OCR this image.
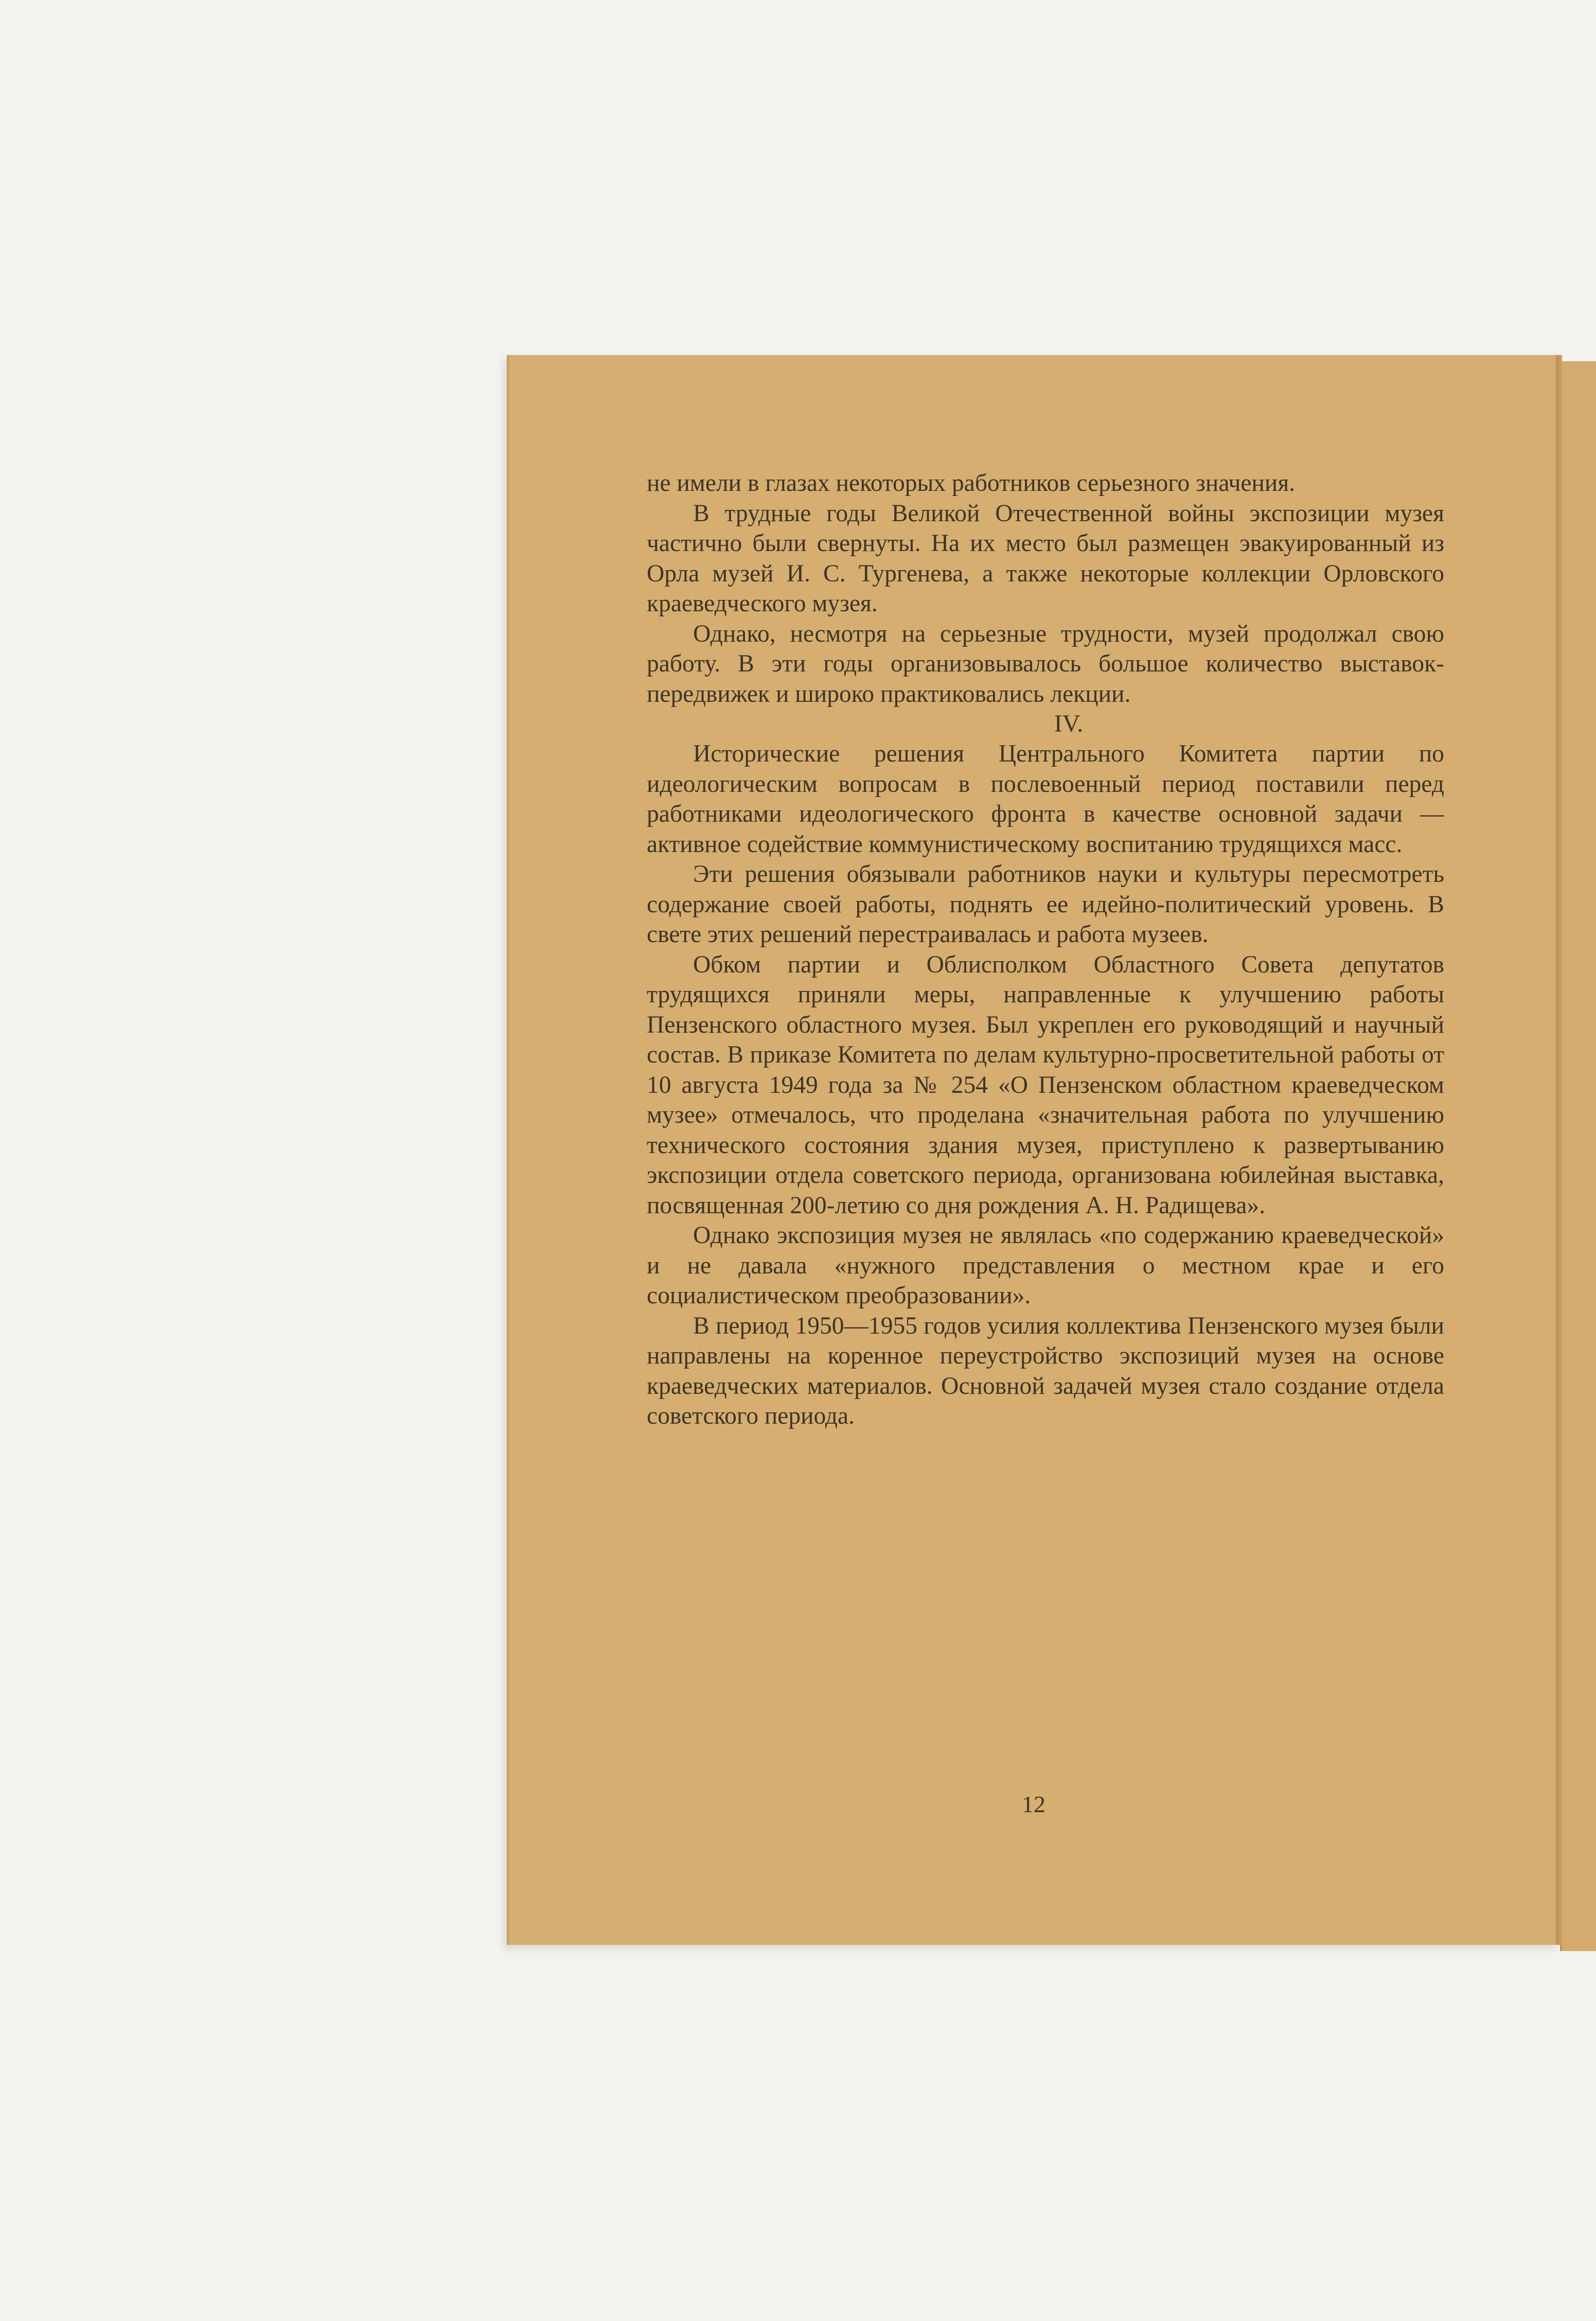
не имели в глазах некоторых работников серьезного значения.

В трудные годы Великой Отечественной войны экспозиции музея частично были свернуты. На их место был размещен эвакуированный из Орла музей И. С. Тургенева, а также некоторые коллекции Орловского краеведческого музея.

Однако, несмотря на серьезные трудности, музей продолжал свою работу. В эти годы организовывалось большое количество выставок-передвижек и широко практиковались лекции.

IV.

Исторические решения Центрального Комитета партии по идеологическим вопросам в послевоенный период поставили перед работниками идеологического фронта в качестве основной задачи — активное содействие коммунистическому воспитанию трудящихся масс.

Эти решения обязывали работников науки и культуры пересмотреть содержание своей работы, поднять ее идейно-политический уровень. В свете этих решений перестраивалась и работа музеев.

Обком партии и Облисполком Областного Совета депутатов трудящихся приняли меры, направленные к улучшению работы Пензенского областного музея. Был укреплен его руководящий и научный состав. В приказе Комитета по делам культурно-просветительной работы от 10 августа 1949 года за № 254 «О Пензенском областном краеведческом музее» отмечалось, что проделана «значительная работа по улучшению технического состояния здания музея, приступлено к развертыванию экспозиции отдела советского периода, организована юбилейная выставка, посвященная 200-летию со дня рождения А. Н. Радищева».

Однако экспозиция музея не являлась «по содержанию краеведческой» и не давала «нужного представления о местном крае и его социалистическом преобразовании».

В период 1950—1955 годов усилия коллектива Пензенского музея были направлены на коренное переустройство экспозиций музея на основе краеведческих материалов. Основной задачей музея стало создание отдела советского периода.

12
